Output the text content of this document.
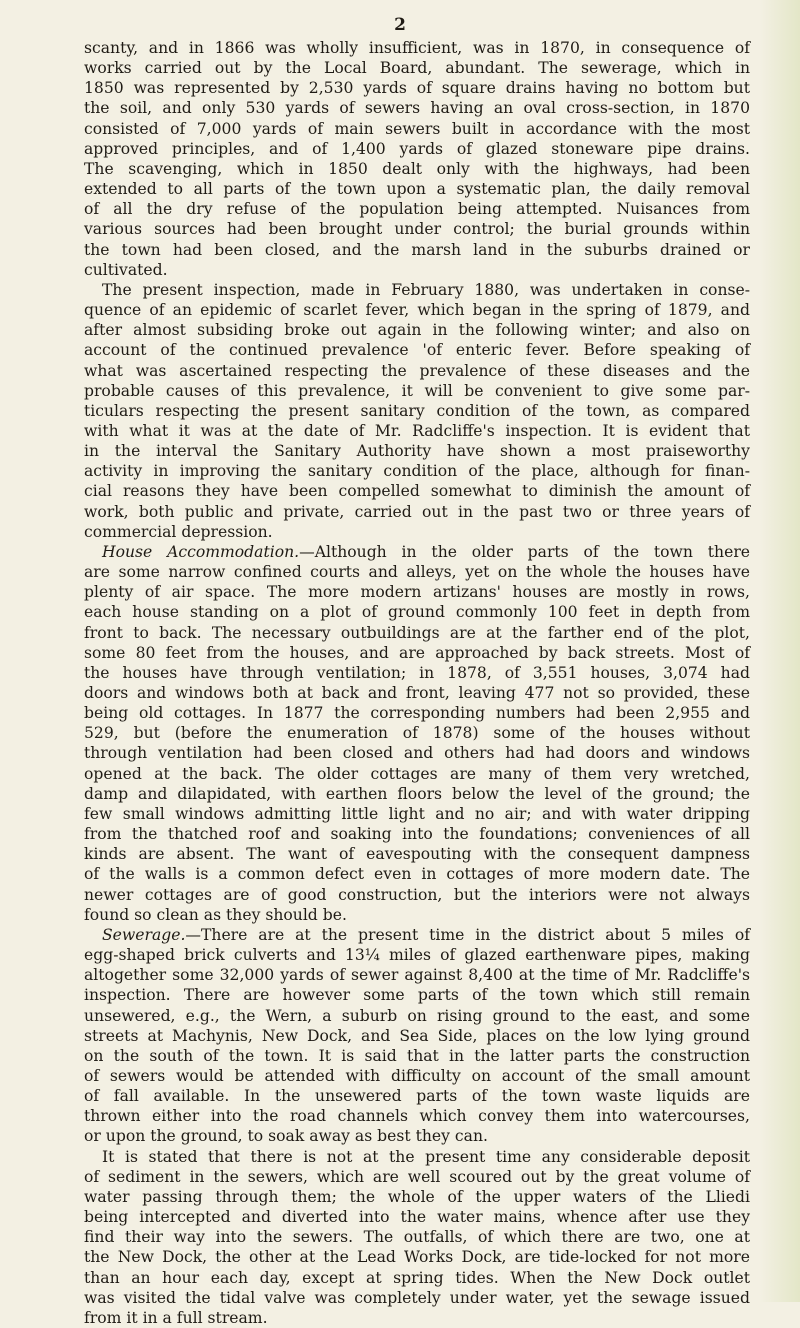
2
scanty, and in 1866 was wholly insufficient, was in 1870, in consequence of
works carried out by the Local Board, abundant. The sewerage, which in
1850 was represented by 2,530 yards of square drains having no bottom but
the soil, and only 530 yards of sewers having an oval cross-section, in 1870
consisted of 7,000 yards of main sewers built in accordance with the most
approved principles, and of 1,400 yards of glazed stoneware pipe drains.
The scavenging, which in 1850 dealt only with the highways, had been
extended to all parts of the town upon a systematic plan, the daily removal
of all the dry refuse of the population being attempted. Nuisances from
various sources had been brought under control; the burial grounds within
the town had been closed, and the marsh land in the suburbs drained or
cultivated.
The present inspection, made in February 1880, was undertaken in conse-
quence of an epidemic of scarlet fever, which began in the spring of 1879, and
after almost subsiding broke out again in the following winter; and also on
account of the continued prevalence 'of enteric fever. Before speaking of
what was ascertained respecting the prevalence of these diseases and the
probable causes of this prevalence, it will be convenient to give some par-
ticulars respecting the present sanitary condition of the town, as compared
with what it was at the date of Mr. Radcliffe's inspection. It is evident that
in the interval the Sanitary Authority have shown a most praiseworthy
activity in improving the sanitary condition of the place, although for finan-
cial reasons they have been compelled somewhat to diminish the amount of
work, both public and private, carried out in the past two or three years of
commercial depression.
House Accommodation.—Although in the older parts of the town there
are some narrow confined courts and alleys, yet on the whole the houses have
plenty of air space. The more modern artizans' houses are mostly in rows,
each house standing on a plot of ground commonly 100 feet in depth from
front to back. The necessary outbuildings are at the farther end of the plot,
some 80 feet from the houses, and are approached by back streets. Most of
the houses have through ventilation; in 1878, of 3,551 houses, 3,074 had
doors and windows both at back and front, leaving 477 not so provided, these
being old cottages. In 1877 the corresponding numbers had been 2,955 and
529, but (before the enumeration of 1878) some of the houses without
through ventilation had been closed and others had had doors and windows
opened at the back. The older cottages are many of them very wretched,
damp and dilapidated, with earthen floors below the level of the ground; the
few small windows admitting little light and no air; and with water dripping
from the thatched roof and soaking into the foundations; conveniences of all
kinds are absent. The want of eavespouting with the consequent dampness
of the walls is a common defect even in cottages of more modern date. The
newer cottages are of good construction, but the interiors were not always
found so clean as they should be.
Sewerage.—There are at the present time in the district about 5 miles of
egg-shaped brick culverts and 13¼ miles of glazed earthenware pipes, making
altogether some 32,000 yards of sewer against 8,400 at the time of Mr. Radcliffe's
inspection. There are however some parts of the town which still remain
unsewered, e.g., the Wern, a suburb on rising ground to the east, and some
streets at Machynis, New Dock, and Sea Side, places on the low lying ground
on the south of the town. It is said that in the latter parts the construction
of sewers would be attended with difficulty on account of the small amount
of fall available. In the unsewered parts of the town waste liquids are
thrown either into the road channels which convey them into watercourses,
or upon the ground, to soak away as best they can.
It is stated that there is not at the present time any considerable deposit
of sediment in the sewers, which are well scoured out by the great volume of
water passing through them; the whole of the upper waters of the Lliedi
being intercepted and diverted into the water mains, whence after use they
find their way into the sewers. The outfalls, of which there are two, one at
the New Dock, the other at the Lead Works Dock, are tide-locked for not more
than an hour each day, except at spring tides. When the New Dock outlet
was visited the tidal valve was completely under water, yet the sewage issued
from it in a full stream.
